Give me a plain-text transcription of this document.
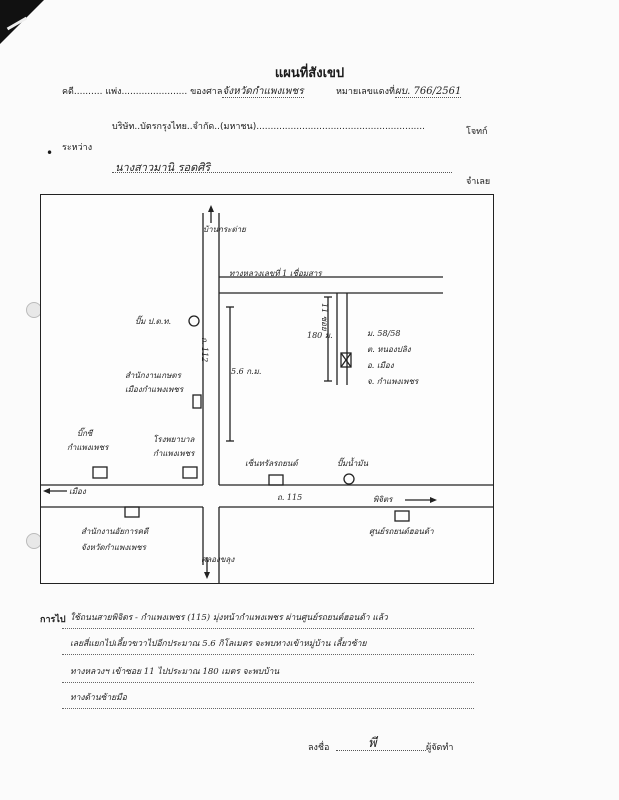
แผนที่สังเขป
คดี.......... แพ่ง....................... ของศาลจังหวัดกำแพงเพชร	หมายเลขแดงที่ผบ. 766/2561
บริษัท..บัตรกรุงไทย..จำกัด..(มหาชน)...........................................................	โจทก์
ระหว่าง
•
นางสาวมานิ รอดศิริ
จำเลย
บ้านกระต่าย
ทางหลวงเลขที่ 1 เชื่อมสาร
ปั๊ม ป.ต.ท.
180 ม.
11 ซอย
ม. 58/58
ต. หนองปลิง
อ. เมือง
จ. กำแพงเพชร
ถ. 112
5.6 ก.ม.
สำนักงานเกษตร
เมืองกำแพงเพชร
บิ๊กซี
กำแพงเพชร
โรงพยาบาล
กำแพงเพชร
เซ็นทรัลรถยนต์	ปั๊มน้ำมัน
เมือง
ถ. 115	พิจิตร
สำนักงานอัยการคดี
จังหวัดกำแพงเพชร
คลองขลุง
ศูนย์รถยนต์ฮอนด้า
การไป ใช้ถนนสายพิจิตร - กำแพงเพชร (115) มุ่งหน้ากำแพงเพชร ผ่านศูนย์รถยนต์ฮอนด้า แล้ว
เลยสี่แยกไปเลี้ยวขวาไปอีกประมาณ 5.6 กิโลเมตร จะพบทางเข้าหมู่บ้าน เลี้ยวซ้าย
ทางหลวงฯ เข้าซอย 11 ไปประมาณ 180 เมตร จะพบบ้าน
ทางด้านซ้ายมือ
ลงชื่อ	พี	ผู้จัดทำ
